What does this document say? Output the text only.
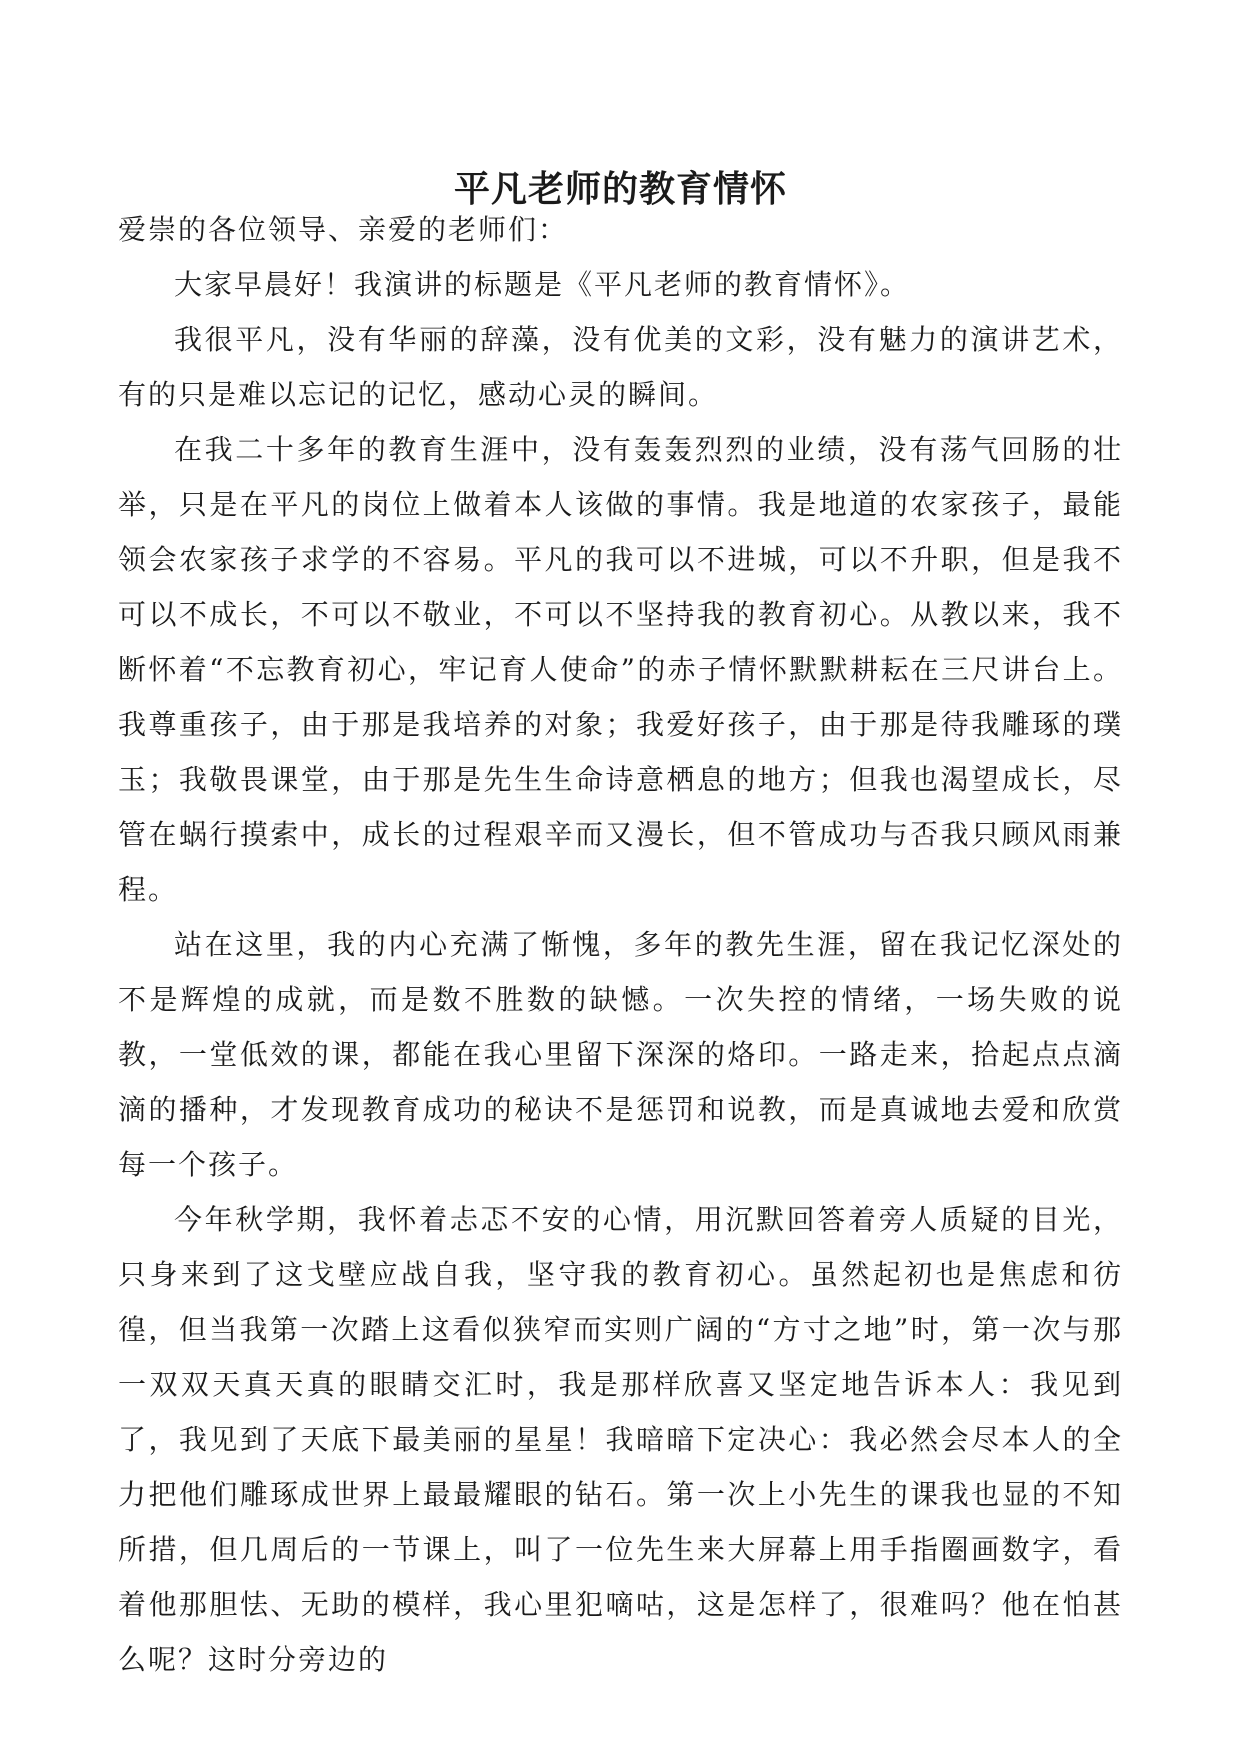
平凡老师的教育情怀

爱崇的各位领导、亲爱的老师们：

大家早晨好！我演讲的标题是《平凡老师的教育情怀》。

我很平凡，没有华丽的辞藻，没有优美的文彩，没有魅力的演讲艺术，有的只是难以忘记的记忆，感动心灵的瞬间。

在我二十多年的教育生涯中，没有轰轰烈烈的业绩，没有荡气回肠的壮举，只是在平凡的岗位上做着本人该做的事情。我是地道的农家孩子，最能领会农家孩子求学的不容易。平凡的我可以不进城，可以不升职，但是我不可以不成长，不可以不敬业，不可以不坚持我的教育初心。从教以来，我不断怀着“不忘教育初心，牢记育人使命”的赤子情怀默默耕耘在三尺讲台上。我尊重孩子，由于那是我培养的对象；我爱好孩子，由于那是待我雕琢的璞玉；我敬畏课堂，由于那是先生生命诗意栖息的地方；但我也渴望成长，尽管在蜗行摸索中，成长的过程艰辛而又漫长，但不管成功与否我只顾风雨兼程。

站在这里，我的内心充满了惭愧，多年的教先生涯，留在我记忆深处的不是辉煌的成就，而是数不胜数的缺憾。一次失控的情绪，一场失败的说教，一堂低效的课，都能在我心里留下深深的烙印。一路走来，拾起点点滴滴的播种，才发现教育成功的秘诀不是惩罚和说教，而是真诚地去爱和欣赏每一个孩子。

今年秋学期，我怀着忐忑不安的心情，用沉默回答着旁人质疑的目光，只身来到了这戈壁应战自我，坚守我的教育初心。虽然起初也是焦虑和彷徨，但当我第一次踏上这看似狭窄而实则广阔的“方寸之地”时，第一次与那一双双天真天真的眼睛交汇时，我是那样欣喜又坚定地告诉本人：我见到了，我见到了天底下最美丽的星星！我暗暗下定决心：我必然会尽本人的全力把他们雕琢成世界上最最耀眼的钻石。第一次上小先生的课我也显的不知所措，但几周后的一节课上，叫了一位先生来大屏幕上用手指圈画数字，看着他那胆怯、无助的模样，我心里犯嘀咕，这是怎样了，很难吗？他在怕甚么呢？这时分旁边的
